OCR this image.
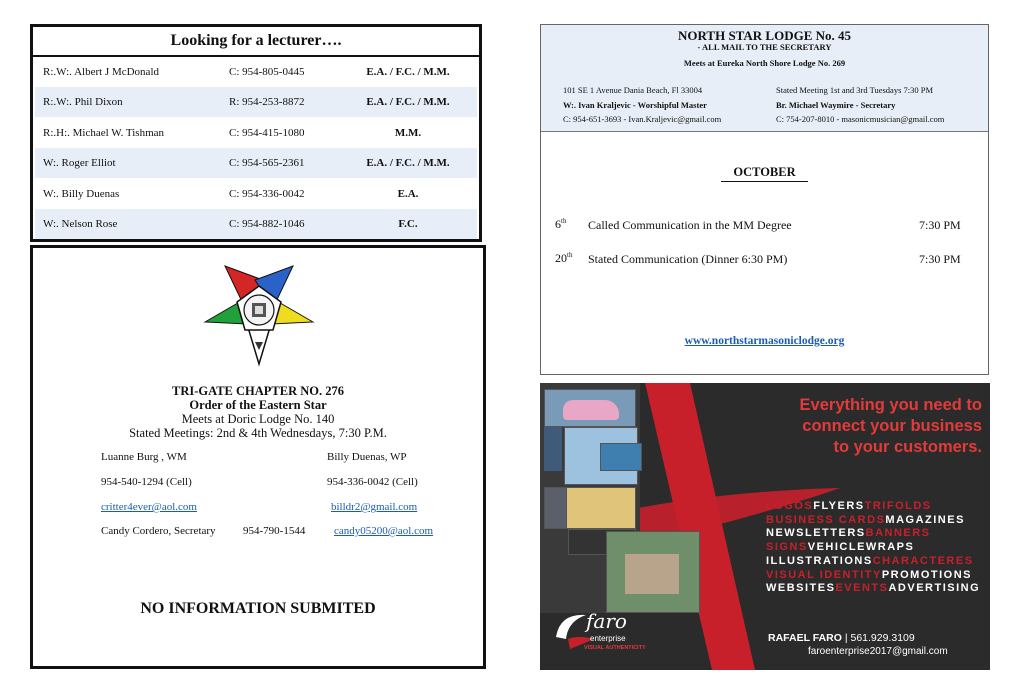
Looking for a lecturer….
R:.W:. Albert J McDonald	C: 954-805-0445	E.A. / F.C. / M.M.
R:.W:. Phil Dixon	R: 954-253-8872	E.A. / F.C. / M.M.
R:.H:. Michael W. Tishman	C: 954-415-1080	M.M.
W:. Roger Elliot	C: 954-565-2361	E.A. / F.C. / M.M.
W:. Billy Duenas	C: 954-336-0042	E.A.
W:. Nelson Rose	C: 954-882-1046	F.C.
TRI-GATE CHAPTER NO. 276
Order of the Eastern Star
Meets at Doric Lodge No. 140
Stated Meetings: 2nd & 4th Wednesdays, 7:30 P.M.
Luanne Burg , WM	Billy Duenas, WP
954-540-1294 (Cell)	954-336-0042 (Cell)
critter4ever@aol.com	billdr2@gmail.com
Candy Cordero, Secretary 954-790-1544	candy05200@aol.com
NO INFORMATION SUBMITED
NORTH STAR LODGE No. 45
- ALL MAIL TO THE SECRETARY
Meets at Eureka North Shore Lodge No. 269
101 SE 1 Avenue Dania Beach, Fl 33004	Stated Meeting 1st and 3rd Tuesdays 7:30 PM
W:. Ivan Kraljevic - Worshipful Master	Br. Michael Waymire - Secretary
C: 954-651-3693 - Ivan.Kraljevic@gmail.com	C: 754-207-8010 - masonicmusician@gmail.com
OCTOBER
6th Called Communication in the MM Degree	7:30 PM
20th Stated Communication (Dinner 6:30 PM)	7:30 PM
www.northstarmasoniclodge.org
Everything you need to
connect your business
to your customers.
faro
enterprise
VISUAL AUTHENTICITY
RAFAEL FARO | 561.929.3109
faroenterprise2017@gmail.com
LOGOSFLYERSTRIFOLDS
BUSINESS CARDSMAGAZINES
NEWSLETTERSBANNERS
SIGNSVEHICLEWRAPS
ILLUSTRATIONSCHARACTERES
VISUAL IDENTITYPROMOTIONS
WEBSITESEVENTSADVERTISING
